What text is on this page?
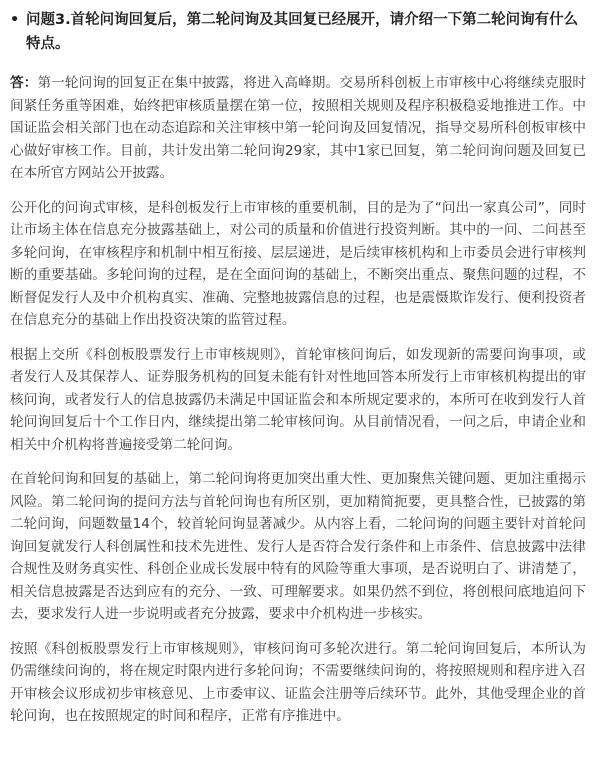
• 问题3.首轮问询回复后，第二轮问询及其回复已经展开，请介绍一下第二轮问询有什么特点。

答：第一轮问询的回复正在集中披露，将进入高峰期。交易所科创板上市审核中心将继续克服时间紧任务重等困难，始终把审核质量摆在第一位，按照相关规则及程序积极稳妥地推进工作。中国证监会相关部门也在动态追踪和关注审核中第一轮问询及回复情况，指导交易所科创板审核中心做好审核工作。目前，共计发出第二轮问询29家，其中1家已回复，第二轮问询问题及回复已在本所官方网站公开披露。

公开化的问询式审核，是科创板发行上市审核的重要机制，目的是为了“问出一家真公司”，同时让市场主体在信息充分披露基础上，对公司的质量和价值进行投资判断。其中的一问、二问甚至多轮问询，在审核程序和机制中相互衔接、层层递进，是后续审核机构和上市委员会进行审核判断的重要基础。多轮问询的过程，是在全面问询的基础上，不断突出重点、聚焦问题的过程，不断督促发行人及中介机构真实、准确、完整地披露信息的过程，也是震慑欺诈发行、便利投资者在信息充分的基础上作出投资决策的监管过程。

根据上交所《科创板股票发行上市审核规则》，首轮审核问询后，如发现新的需要问询事项，或者发行人及其保荐人、证券服务机构的回复未能有针对性地回答本所发行上市审核机构提出的审核问询，或者发行人的信息披露仍未满足中国证监会和本所规定要求的，本所可在收到发行人首轮问询回复后十个工作日内，继续提出第二轮审核问询。从目前情况看，一问之后，申请企业和相关中介机构将普遍接受第二轮问询。

在首轮问询和回复的基础上，第二轮问询将更加突出重大性、更加聚焦关键问题、更加注重揭示风险。第二轮问询的提问方法与首轮问询也有所区别，更加精简扼要，更具整合性，已披露的第二轮问询，问题数量14个，较首轮问询显著减少。从内容上看，二轮问询的问题主要针对首轮问询回复就发行人科创属性和技术先进性、发行人是否符合发行条件和上市条件、信息披露中法律合规性及财务真实性、科创企业成长发展中特有的风险等重大事项，是否说明白了、讲清楚了，相关信息披露是否达到应有的充分、一致、可理解要求。如果仍然不到位，将创根问底地追问下去，要求发行人进一步说明或者充分披露，要求中介机构进一步核实。

按照《科创板股票发行上市审核规则》，审核问询可多轮次进行。第二轮问询回复后，本所认为仍需继续问询的，将在规定时限内进行多轮问询；不需要继续问询的，将按照规则和程序进入召开审核会议形成初步审核意见、上市委审议、证监会注册等后续环节。此外，其他受理企业的首轮问询，也在按照规定的时间和程序，正常有序推进中。
